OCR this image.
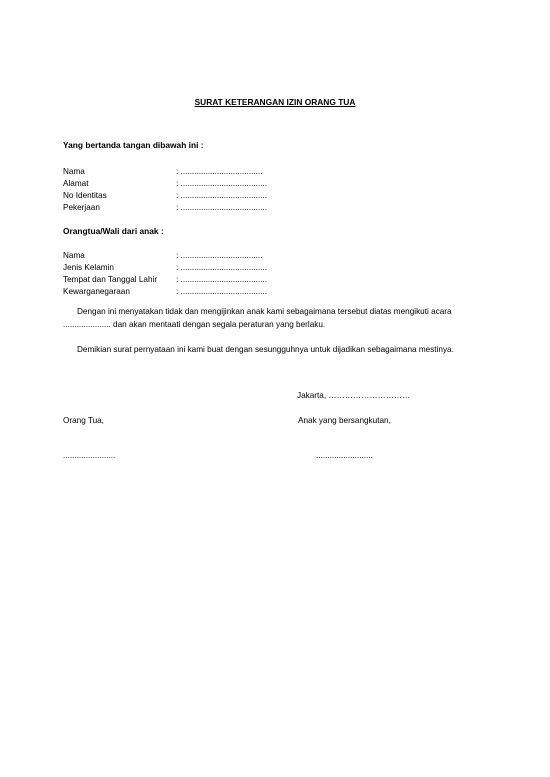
SURAT KETERANGAN IZIN ORANG TUA
Yang bertanda tangan dibawah ini :
Nama	: ....................................
Alamat	: ......................................
No Identitas	: ......................................
Pekerjaan	: ......................................
Orangtua/Wali dari anak :
Nama	: ....................................
Jenis Kelamin	: ......................................
Tempat dan Tanggal Lahir: ......................................
Kewarganegaraan	: ......................................
Dengan ini menyatakan tidak dan mengijinkan anak kami sebagaimana tersebut diatas mengikuti acara ..................... dan akan mentaati dengan segala peraturan yang berlaku.
Demikian surat pernyataan ini kami buat dengan sesungguhnya untuk dijadikan sebagaimana mestinya.
Jakarta, …………………………
Orang Tua,	Anak yang bersangkutan,
.......................	.........................
